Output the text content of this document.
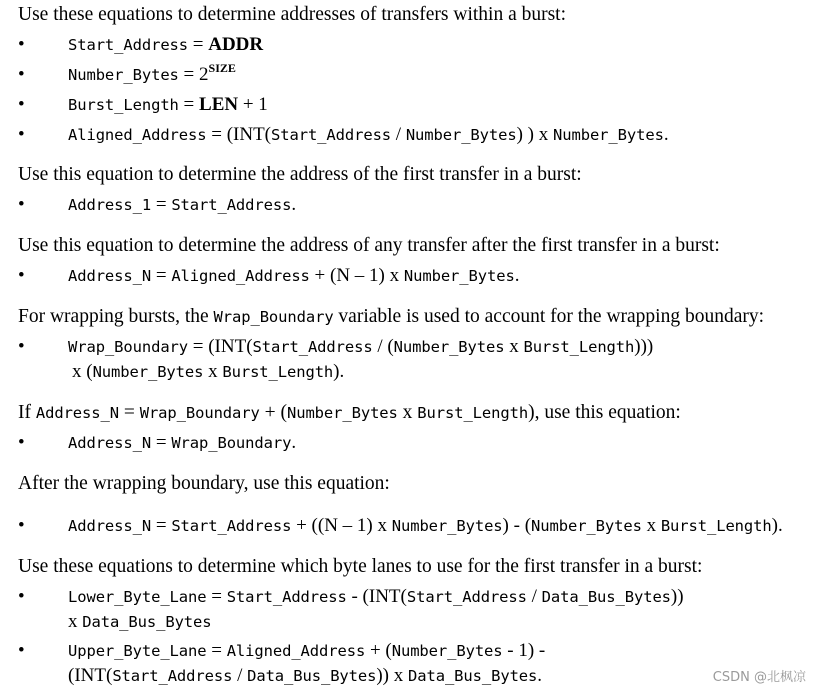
Use these equations to determine addresses of transfers within a burst:
•	Start_Address = ADDR
•	Number_Bytes = $2^{SIZE}$
•	Burst_Length = LEN + 1
•	Aligned_Address = (INT(Start_Address / Number_Bytes) ) x Number_Bytes.
Use this equation to determine the address of the first transfer in a burst:
•	Address_1 = Start_Address.
Use this equation to determine the address of any transfer after the first transfer in a burst:
•	Address_N = Aligned_Address + (N – 1) x Number_Bytes.
For wrapping bursts, the Wrap_Boundary variable is used to account for the wrapping boundary:
•	Wrap_Boundary = (INT(Start_Address / (Number_Bytes x Burst_Length)))
x (Number_Bytes x Burst_Length).
If Address_N = Wrap_Boundary + (Number_Bytes x Burst_Length), use this equation:
•	Address_N = Wrap_Boundary.
After the wrapping boundary, use this equation:
•	Address_N = Start_Address + ((N – 1) x Number_Bytes) - (Number_Bytes x Burst_Length).
Use these equations to determine which byte lanes to use for the first transfer in a burst:
•	Lower_Byte_Lane = Start_Address - (INT(Start_Address / Data_Bus_Bytes))
x Data_Bus_Bytes
•	Upper_Byte_Lane = Aligned_Address + (Number_Bytes - 1) -
(INT(Start_Address / Data_Bus_Bytes)) x Data_Bus_Bytes.	CSDN @北枫凉
